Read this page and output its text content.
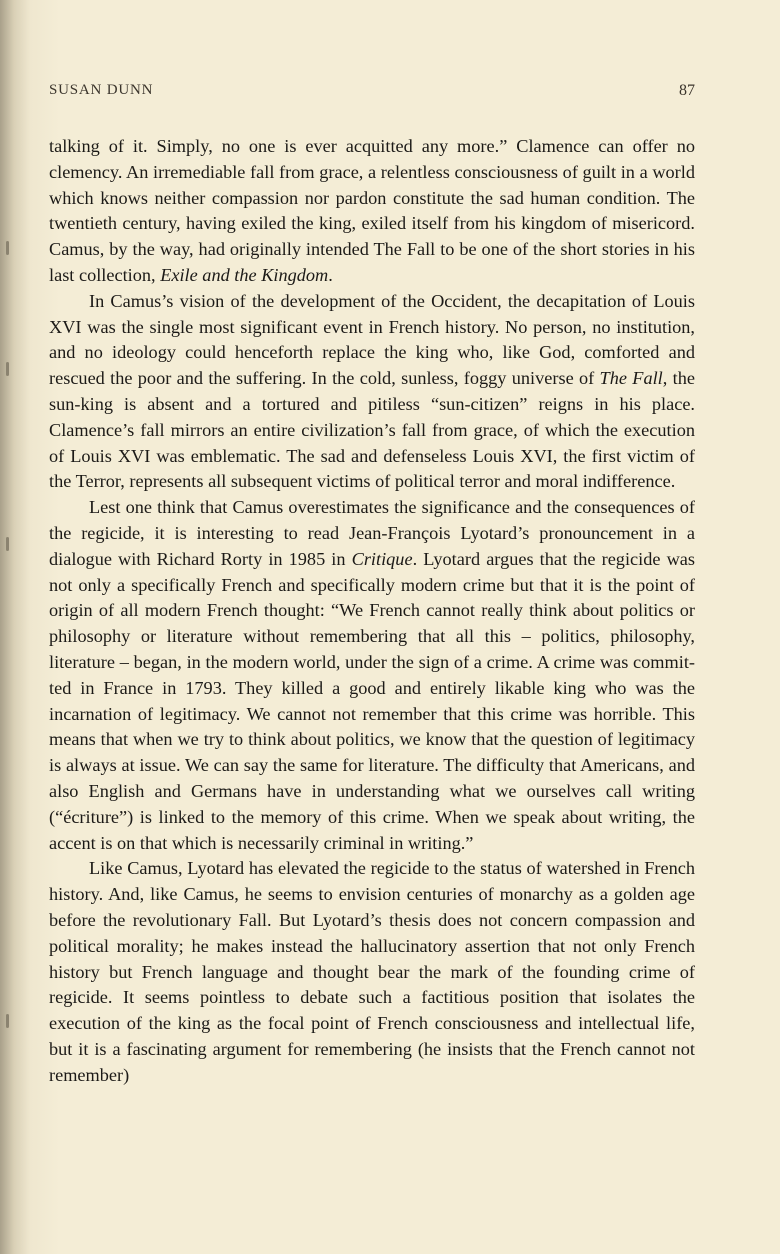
SUSAN DUNN	87

talking of it. Simply, no one is ever acquitted any more.” Clamence can offer no clemency. An irremediable fall from grace, a relentless consciousness of guilt in a world which knows neither compassion nor pardon constitute the sad human condition. The twentieth century, having exiled the king, exiled itself from his kingdom of misericord. Camus, by the way, had originally intended The Fall to be one of the short stories in his last collection, Exile and the Kingdom.

In Camus’s vision of the development of the Occident, the decapitation of Louis XVI was the single most significant event in French history. No person, no institution, and no ideology could henceforth replace the king who, like God, comforted and rescued the poor and the suffering. In the cold, sunless, foggy universe of The Fall, the sun-king is absent and a tortured and pitiless “sun-citizen” reigns in his place. Clamence’s fall mirrors an entire civilization’s fall from grace, of which the execution of Louis XVI was emblematic. The sad and defenseless Louis XVI, the first victim of the Terror, represents all subsequent victims of political terror and moral indifference.

Lest one think that Camus overestimates the significance and the consequences of the regicide, it is interesting to read Jean-François Lyotard’s pronouncement in a dialogue with Richard Rorty in 1985 in Critique. Lyotard argues that the regicide was not only a specifically French and specifically modern crime but that it is the point of origin of all modern French thought: “We French cannot really think about politics or philosophy or literature without remembering that all this – politics, philosophy, literature – began, in the modern world, under the sign of a crime. A crime was committed in France in 1793. They killed a good and entirely likable king who was the incarnation of legitimacy. We cannot not remember that this crime was horrible. This means that when we try to think about politics, we know that the question of legitimacy is always at issue. We can say the same for literature. The difficulty that Americans, and also English and Germans have in understanding what we ourselves call writing (“écriture”) is linked to the memory of this crime. When we speak about writing, the accent is on that which is necessarily criminal in writing.”

Like Camus, Lyotard has elevated the regicide to the status of watershed in French history. And, like Camus, he seems to envision centuries of monarchy as a golden age before the revolutionary Fall. But Lyotard’s thesis does not concern compassion and political morality; he makes instead the hallucinatory assertion that not only French history but French language and thought bear the mark of the founding crime of regicide. It seems pointless to debate such a factitious position that isolates the execution of the king as the focal point of French consciousness and intellectual life, but it is a fascinating argument for remembering (he insists that the French cannot not remember)
